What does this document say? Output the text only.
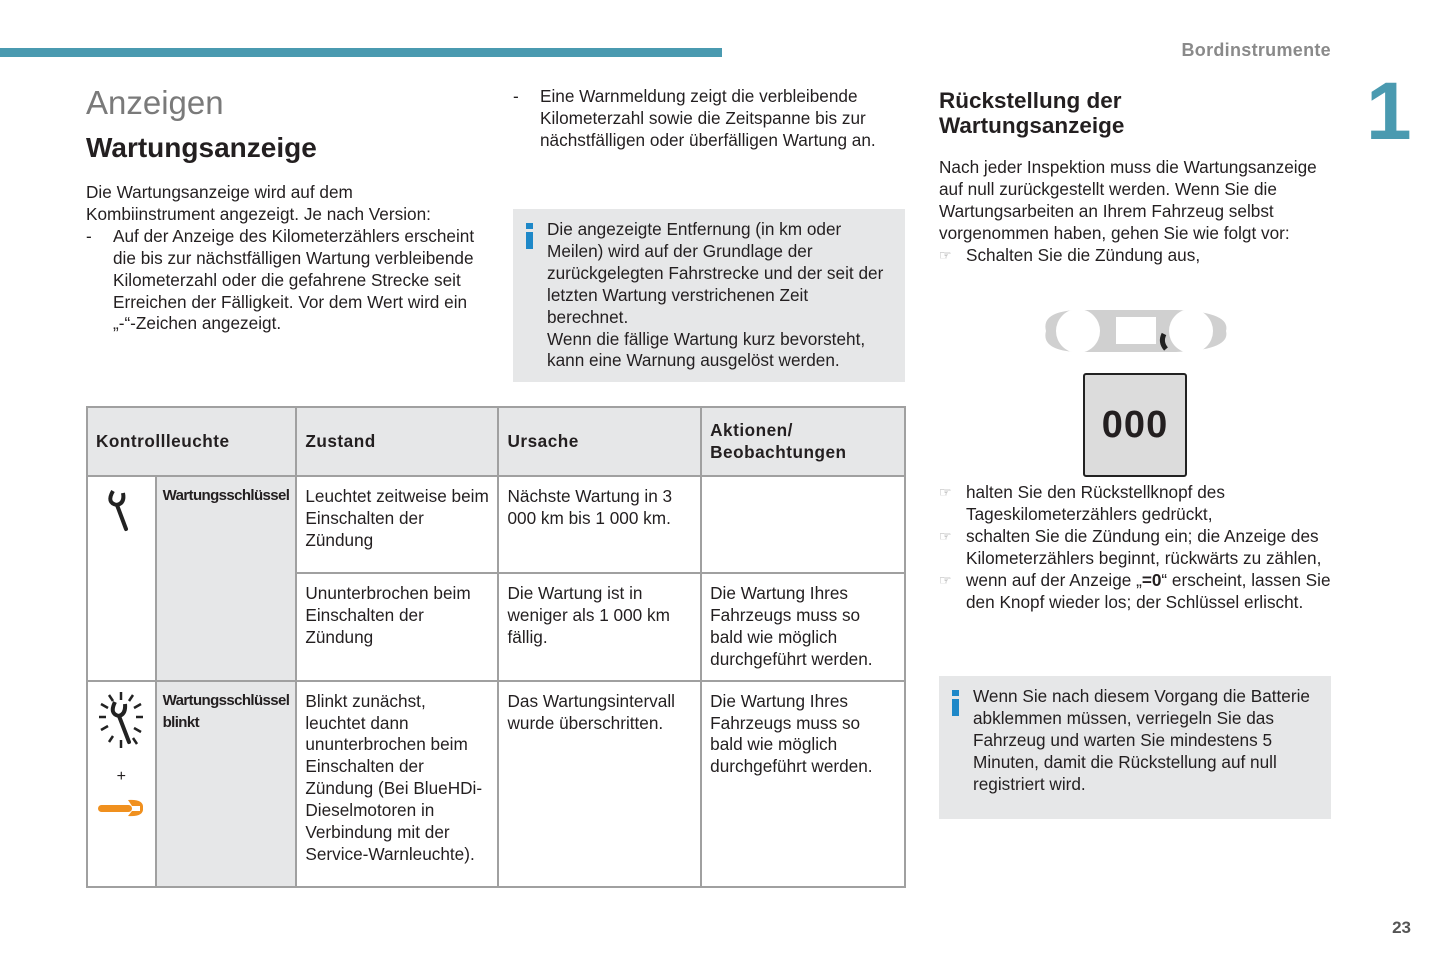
Bordinstrumente
1
23
Anzeigen
Wartungsanzeige

Die Wartungsanzeige wird auf dem Kombiinstrument angezeigt. Je nach Version:

-	Auf der Anzeige des Kilometerzählers erscheint die bis zur nächstfälligen Wartung verbleibende Kilometerzahl oder die gefahrene Strecke seit Erreichen der Fälligkeit. Vor dem Wert wird ein „-“-Zeichen angezeigt.
-	Eine Warnmeldung zeigt die verbleibende Kilometerzahl sowie die Zeitspanne bis zur nächstfälligen oder überfälligen Wartung an.

Die angezeigte Entfernung (in km oder Meilen) wird auf der Grundlage der zurückgelegten Fahrstrecke und der seit der letzten Wartung verstrichenen Zeit berechnet.

Wenn die fällige Wartung kurz bevorsteht, kann eine Warnung ausgelöst werden.

Rückstellung der Wartungsanzeige

Nach jeder Inspektion muss die Wartungsanzeige auf null zurückgestellt werden. Wenn Sie die Wartungsarbeiten an Ihrem Fahrzeug selbst vorgenommen haben, gehen Sie wie folgt vor:

☞ Schalten Sie die Zündung aus,
000
☞ halten Sie den Rückstellknopf des Tageskilometerzählers gedrückt,
☞ schalten Sie die Zündung ein; die Anzeige des Kilometerzählers beginnt, rückwärts zu zählen,
☞ wenn auf der Anzeige „=0“ erscheint, lassen Sie den Knopf wieder los; der Schlüssel erlischt.

Wenn Sie nach diesem Vorgang die Batterie abklemmen müssen, verriegeln Sie das Fahrzeug und warten Sie mindestens 5 Minuten, damit die Rückstellung auf null registriert wird.

Kontrollleuchte		Zustand	Ursache	Aktionen/ Beobachtungen
	Wartungsschlüssel	Leuchtet zeitweise beim Einschalten der Zündung	Nächste Wartung in 3 000 km bis 1 000 km.	
		Ununterbrochen beim Einschalten der Zündung	Die Wartung ist in weniger als 1 000 km fällig.	Die Wartung Ihres Fahrzeugs muss so bald wie möglich durchgeführt werden.

+	Wartungsschlüssel blinkt	Blinkt zunächst, leuchtet dann ununterbrochen beim Einschalten der Zündung (Bei BlueHDi-Dieselmotoren in Verbindung mit der Service-Warnleuchte).	Das Wartungsintervall wurde überschritten.	Die Wartung Ihres Fahrzeugs muss so bald wie möglich durchgeführt werden.
